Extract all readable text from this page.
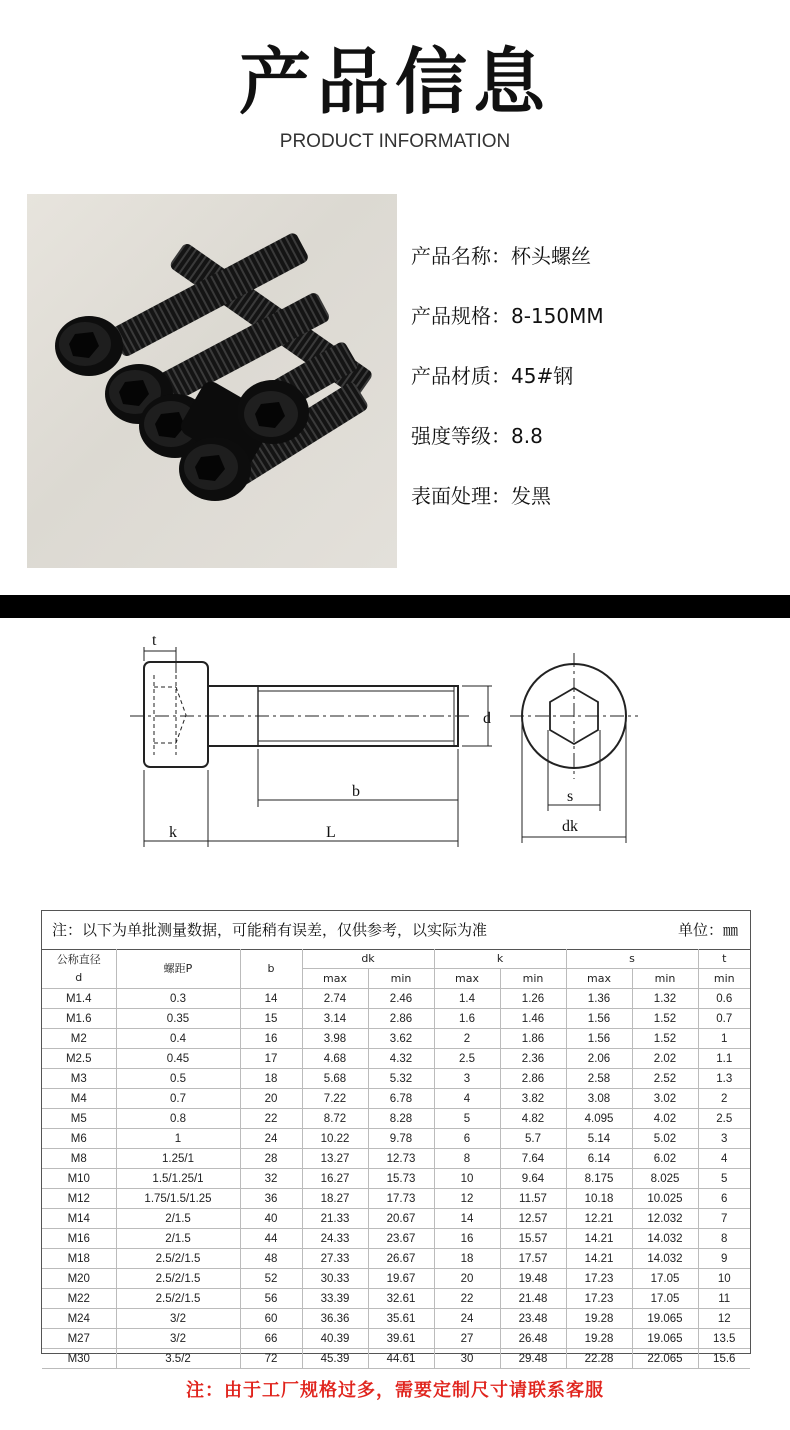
产品信息
PRODUCT INFORMATION
产品名称：杯头螺丝
产品规格：8-150MM
产品材质：45#钢
强度等级：8.8
表面处理：发黑
t
d
b
k	L
s
dk
注：以下为单批测量数据，可能稍有误差，仅供参考，以实际为准	单位：㎜
公称直径
d	螺距P	b	dk		k		s		t
			max	min	max	min	max	min	min
M1.4	0.3	14	2.74	2.46	1.4	1.26	1.36	1.32	0.6
M1.6	0.35	15	3.14	2.86	1.6	1.46	1.56	1.52	0.7
M2	0.4	16	3.98	3.62	2	1.86	1.56	1.52	1
M2.5	0.45	17	4.68	4.32	2.5	2.36	2.06	2.02	1.1
M3	0.5	18	5.68	5.32	3	2.86	2.58	2.52	1.3
M4	0.7	20	7.22	6.78	4	3.82	3.08	3.02	2
M5	0.8	22	8.72	8.28	5	4.82	4.095	4.02	2.5
M6	1	24	10.22	9.78	6	5.7	5.14	5.02	3
M8	1.25/1	28	13.27	12.73	8	7.64	6.14	6.02	4
M10	1.5/1.25/1	32	16.27	15.73	10	9.64	8.175	8.025	5
M12	1.75/1.5/1.25	36	18.27	17.73	12	11.57	10.18	10.025	6
M14	2/1.5	40	21.33	20.67	14	12.57	12.21	12.032	7
M16	2/1.5	44	24.33	23.67	16	15.57	14.21	14.032	8
M18	2.5/2/1.5	48	27.33	26.67	18	17.57	14.21	14.032	9
M20	2.5/2/1.5	52	30.33	19.67	20	19.48	17.23	17.05	10
M22	2.5/2/1.5	56	33.39	32.61	22	21.48	17.23	17.05	11
M24	3/2	60	36.36	35.61	24	23.48	19.28	19.065	12
M27	3/2	66	40.39	39.61	27	26.48	19.28	19.065	13.5
M30	3.5/2	72	45.39	44.61	30	29.48	22.28	22.065	15.6
注：由于工厂规格过多，需要定制尺寸请联系客服
